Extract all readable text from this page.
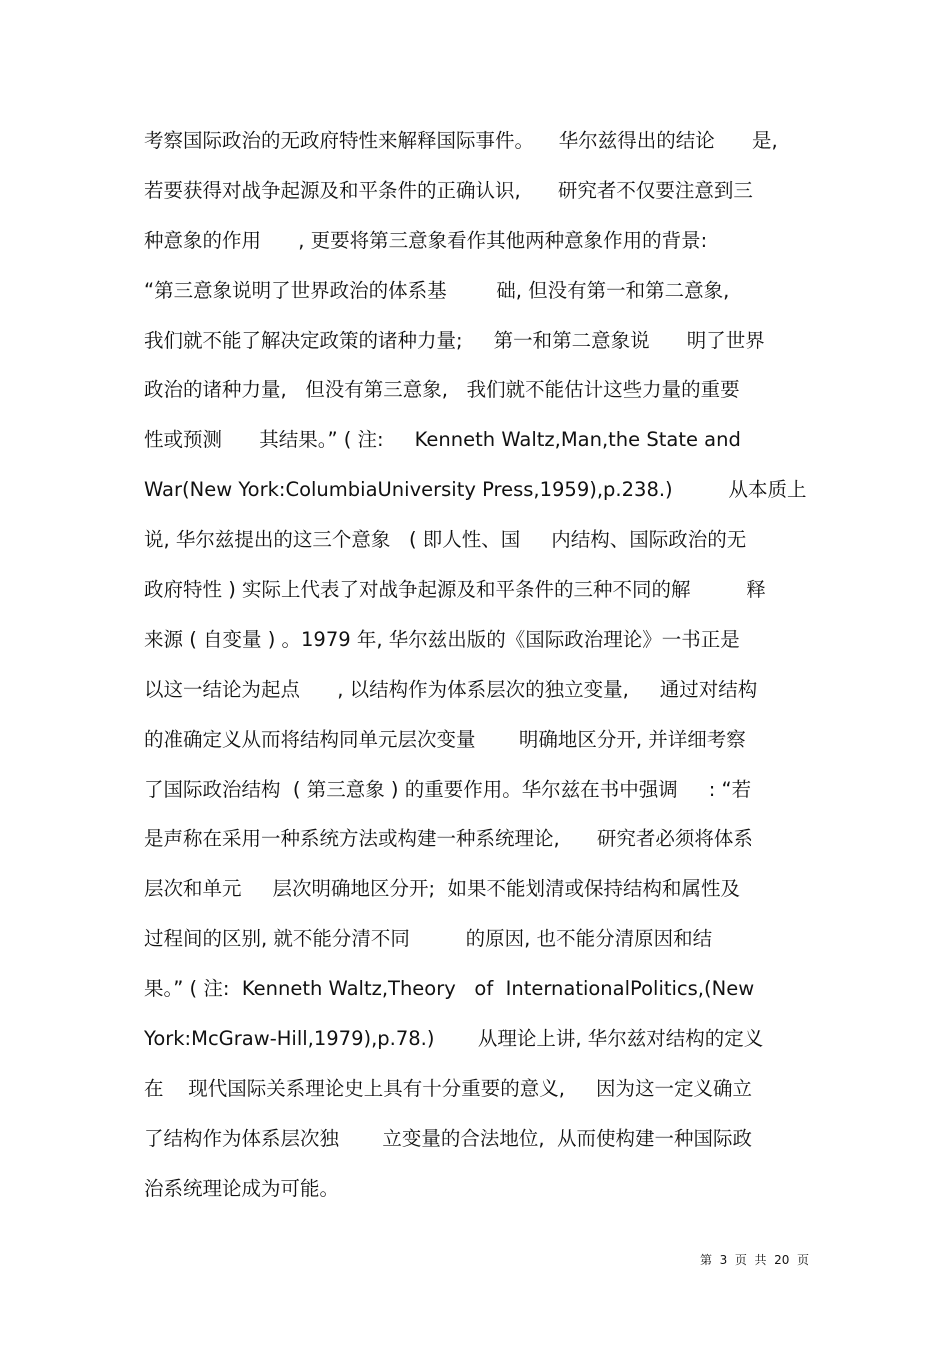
考察国际政治的无政府特性来解释国际事件。    华尔兹得出的结论      是,
若要获得对战争起源及和平条件的正确认识,      研究者不仅要注意到三
种意象的作用      , 更要将第三意象看作其他两种意象作用的背景:
“第三意象说明了世界政治的体系基        础, 但没有第一和第二意象,
我们就不能了解决定政策的诸种力量;     第一和第二意象说      明了世界
政治的诸种力量,   但没有第三意象,   我们就不能估计这些力量的重要
性或预测      其结果。” ( 注:     Kenneth Waltz,Man,the State and
War(New York:ColumbiaUniversity Press,1959),p.238.)         从本质上
说, 华尔兹提出的这三个意象   ( 即人性、国     内结构、国际政治的无
政府特性 ) 实际上代表了对战争起源及和平条件的三种不同的解         释
来源 ( 自变量 ) 。1979 年, 华尔兹出版的《国际政治理论》一书正是
以这一结论为起点      , 以结构作为体系层次的独立变量,     通过对结构
的准确定义从而将结构同单元层次变量       明确地区分开, 并详细考察
了国际政治结构  ( 第三意象 ) 的重要作用。华尔兹在书中强调     : “若
是声称在采用一种系统方法或构建一种系统理论,      研究者必须将体系
层次和单元     层次明确地区分开;  如果不能划清或保持结构和属性及
过程间的区别, 就不能分清不同         的原因, 也不能分清原因和结
果。” ( 注:  Kenneth Waltz,Theory   of  InternationalPolitics,(New
York:McGraw-Hill,1979),p.78.)       从理论上讲, 华尔兹对结构的定义
在    现代国际关系理论史上具有十分重要的意义,     因为这一定义确立
了结构作为体系层次独       立变量的合法地位,  从而使构建一种国际政
治系统理论成为可能。
第  3  页  共  20  页
